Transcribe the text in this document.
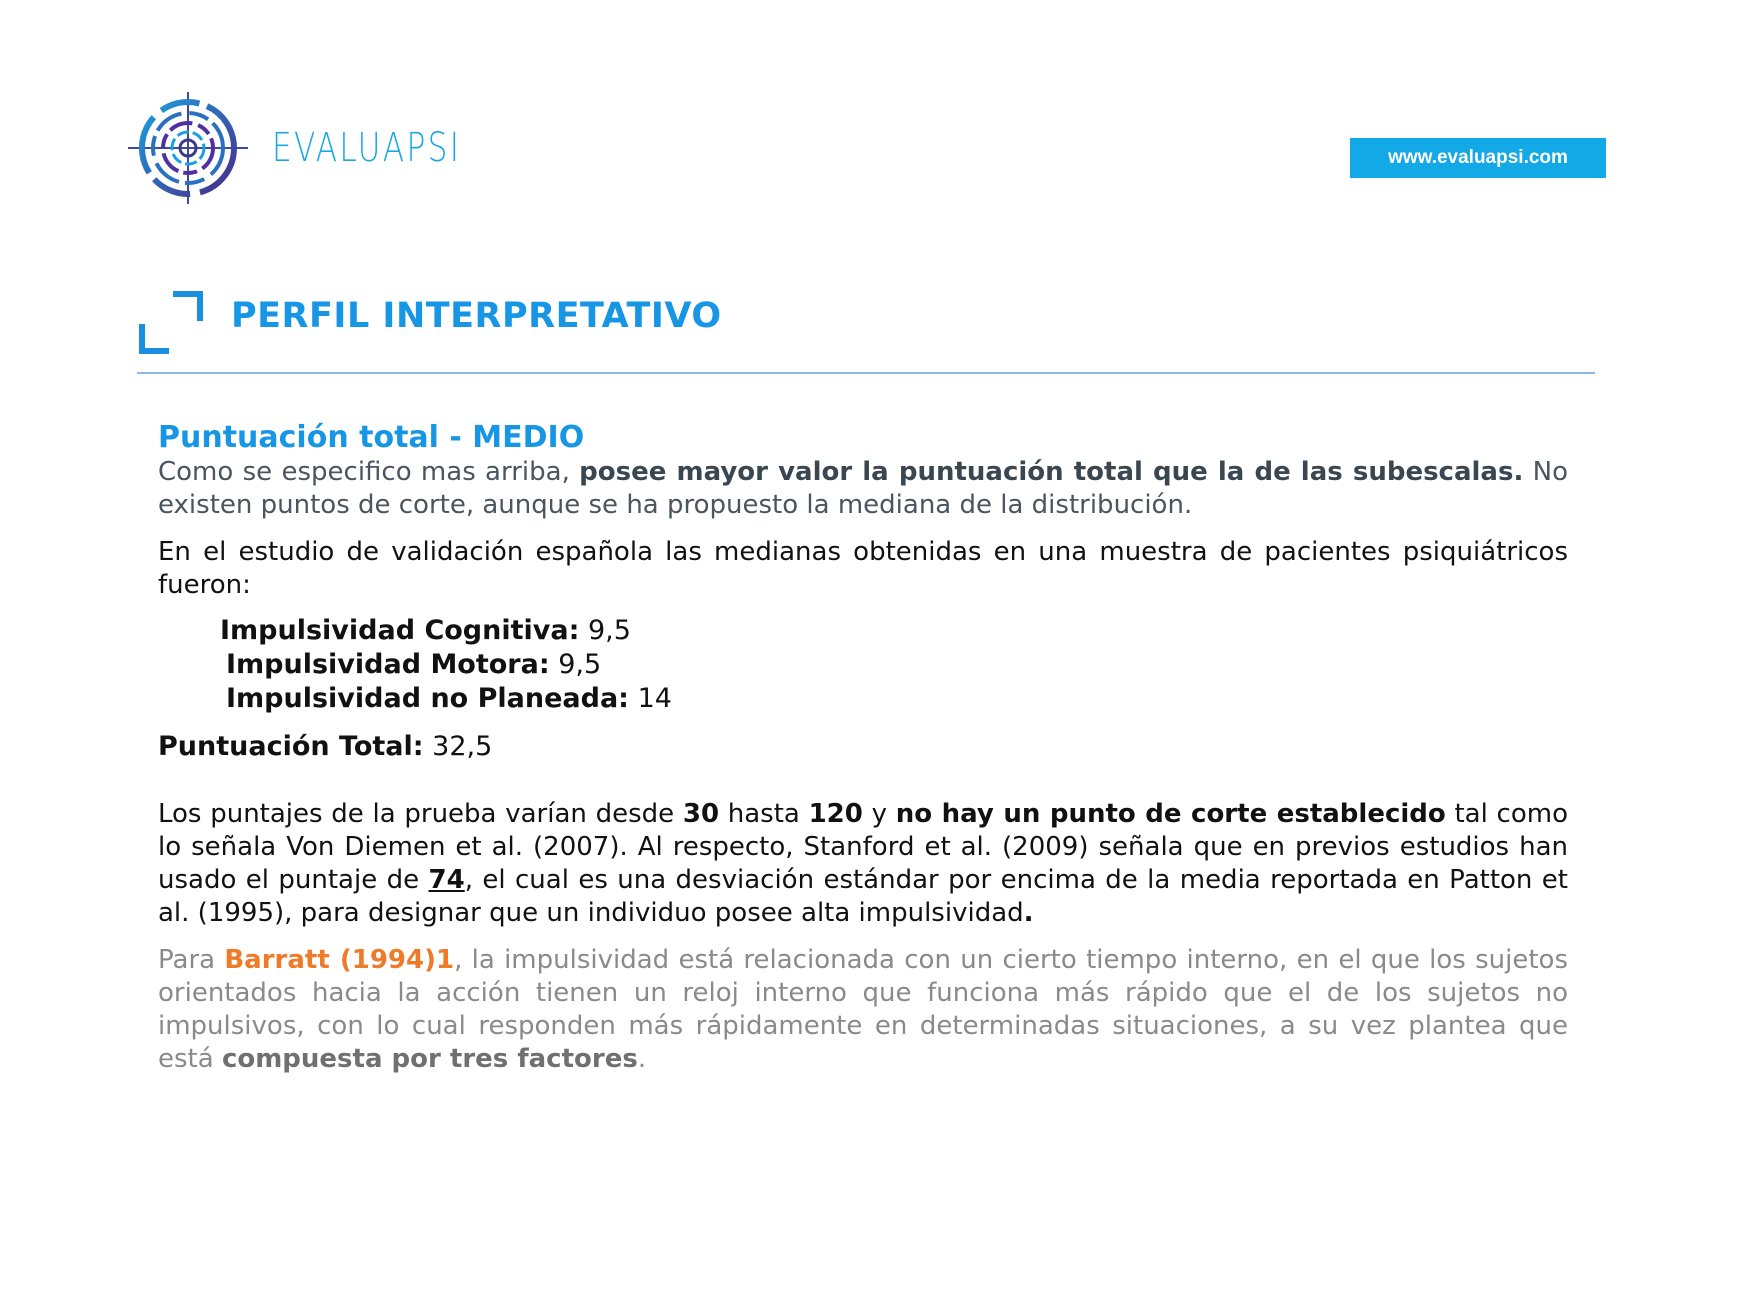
EVALUAPSI	www.evaluapsi.com
PERFIL INTERPRETATIVO
Puntuación total - MEDIO
Como se especifico mas arriba, posee mayor valor la puntuación total que la de las subescalas. No existen puntos de corte, aunque se ha propuesto la mediana de la distribución.
En el estudio de validación española las medianas obtenidas en una muestra de pacientes psiquiátricos fueron:
Impulsividad Cognitiva: 9,5
Impulsividad Motora: 9,5
Impulsividad no Planeada: 14
Puntuación Total: 32,5
Los puntajes de la prueba varían desde 30 hasta 120 y no hay un punto de corte establecido tal como lo señala Von Diemen et al. (2007). Al respecto, Stanford et al. (2009) señala que en previos estudios han usado el puntaje de 74, el cual es una desviación estándar por encima de la media reportada en Patton et al. (1995), para designar que un individuo posee alta impulsividad.
Para Barratt (1994)1, la impulsividad está relacionada con un cierto tiempo interno, en el que los sujetos orientados hacia la acción tienen un reloj interno que funciona más rápido que el de los sujetos no impulsivos, con lo cual responden más rápidamente en determinadas situaciones, a su vez plantea que está compuesta por tres factores.
